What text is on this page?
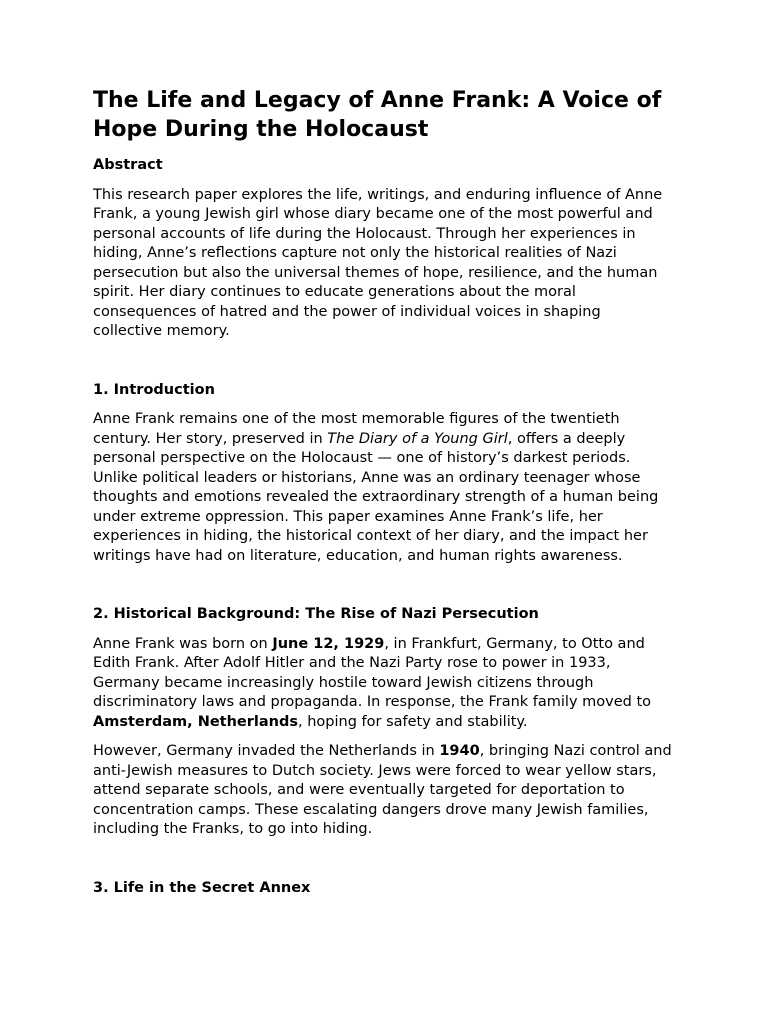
The Life and Legacy of Anne Frank: A Voice of Hope During the Holocaust
Abstract

This research paper explores the life, writings, and enduring influence of Anne Frank, a young Jewish girl whose diary became one of the most powerful and personal accounts of life during the Holocaust. Through her experiences in hiding, Anne’s reflections capture not only the historical realities of Nazi persecution but also the universal themes of hope, resilience, and the human spirit. Her diary continues to educate generations about the moral consequences of hatred and the power of individual voices in shaping collective memory.

1. Introduction

Anne Frank remains one of the most memorable figures of the twentieth century. Her story, preserved in The Diary of a Young Girl, offers a deeply personal perspective on the Holocaust — one of history’s darkest periods. Unlike political leaders or historians, Anne was an ordinary teenager whose thoughts and emotions revealed the extraordinary strength of a human being under extreme oppression. This paper examines Anne Frank’s life, her experiences in hiding, the historical context of her diary, and the impact her writings have had on literature, education, and human rights awareness.

2. Historical Background: The Rise of Nazi Persecution

Anne Frank was born on June 12, 1929, in Frankfurt, Germany, to Otto and Edith Frank. After Adolf Hitler and the Nazi Party rose to power in 1933, Germany became increasingly hostile toward Jewish citizens through discriminatory laws and propaganda. In response, the Frank family moved to Amsterdam, Netherlands, hoping for safety and stability.

However, Germany invaded the Netherlands in 1940, bringing Nazi control and anti-Jewish measures to Dutch society. Jews were forced to wear yellow stars, attend separate schools, and were eventually targeted for deportation to concentration camps. These escalating dangers drove many Jewish families, including the Franks, to go into hiding.

3. Life in the Secret Annex
